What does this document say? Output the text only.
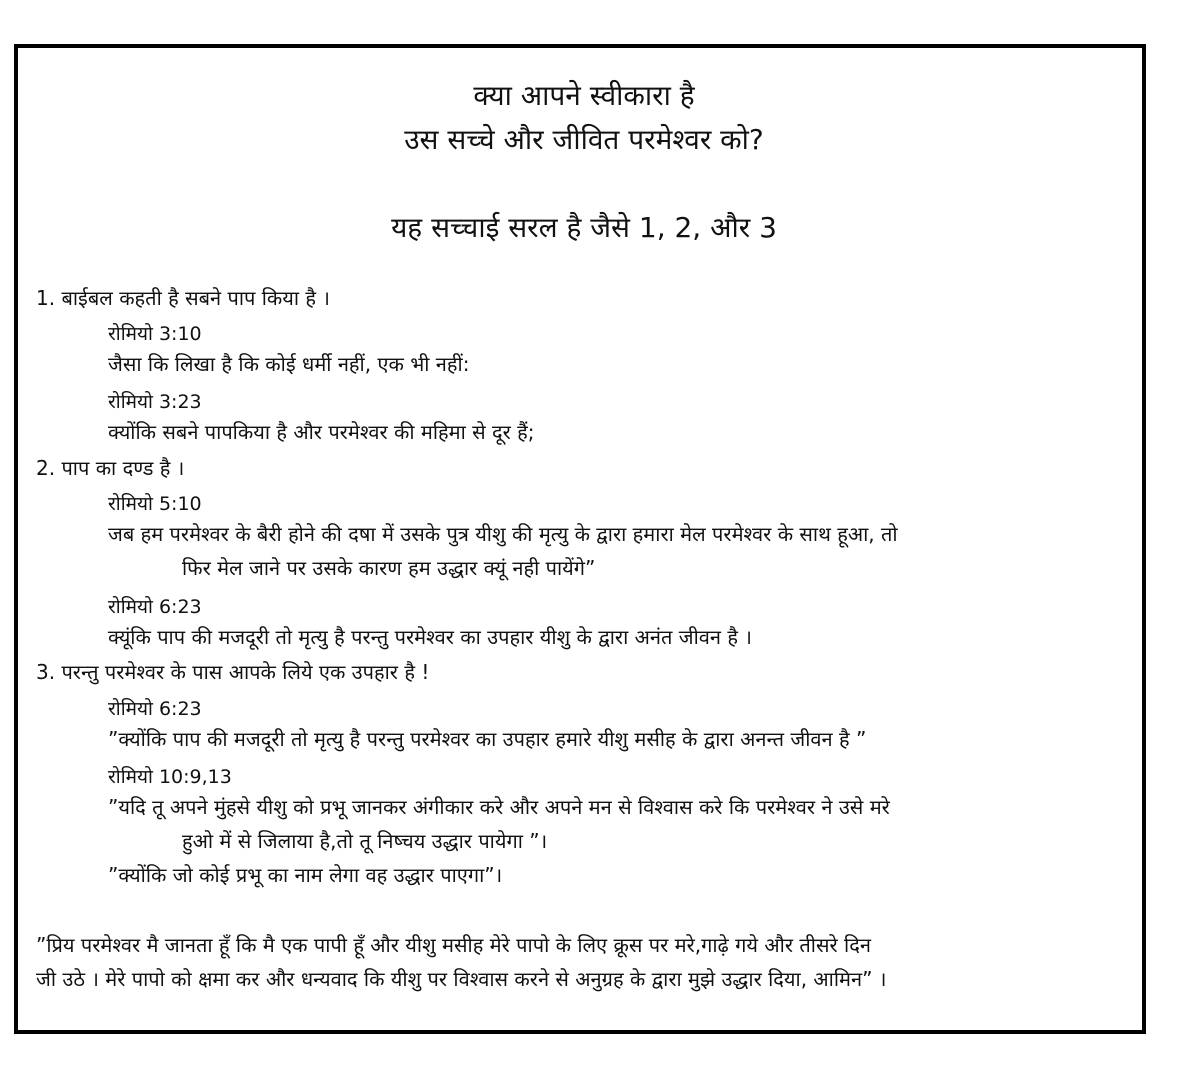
क्या आपने स्वीकारा है
उस सच्चे और जीवित परमेश्वर को?
यह सच्चाई सरल है जैसे 1, 2, और 3
1. बाईबल कहती है सबने पाप किया है ।
रोमियो 3:10
जैसा कि लिखा है कि कोई धर्मी नहीं, एक भी नहीं:
रोमियो 3:23
क्योंकि सबने पापकिया है और परमेश्वर की महिमा से दूर हैं;
2. पाप का दण्ड है ।
रोमियो 5:10
जब हम परमेश्वर के बैरी होने की दषा में उसके पुत्र यीशु की मृत्यु के द्वारा हमारा मेल परमेश्वर के साथ हूआ, तो
फिर मेल जाने पर उसके कारण हम उद्धार क्यूं नही पायेंगे”
रोमियो 6:23
क्यूंकि पाप की मजदूरी तो मृत्यु है परन्तु परमेश्वर का उपहार यीशु के द्वारा अनंत जीवन है ।
3. परन्तु परमेश्वर के पास आपके लिये एक उपहार है !
रोमियो 6:23
”क्योंकि पाप की मजदूरी तो मृत्यु है परन्तु परमेश्वर का उपहार हमारे यीशु मसीह के द्वारा अनन्त जीवन है ”
रोमियो 10:9,13
”यदि तू अपने मुंहसे यीशु को प्रभू जानकर अंगीकार करे और अपने मन से विश्वास करे कि परमेश्वर ने उसे मरे
हुओ में से जिलाया है,तो तू निष्चय उद्धार पायेगा ”।
”क्योंकि जो कोई प्रभू का नाम लेगा वह उद्धार पाएगा”।
”प्रिय परमेश्वर मै जानता हूँ कि मै एक पापी हूँ और यीशु मसीह मेरे पापो के लिए क्रूस पर मरे,गाढ़े गये और तीसरे दिन
जी उठे । मेरे पापो को क्षमा कर और धन्यवाद कि यीशु पर विश्वास करने से अनुग्रह के द्वारा मुझे उद्धार दिया, आमिन” ।
